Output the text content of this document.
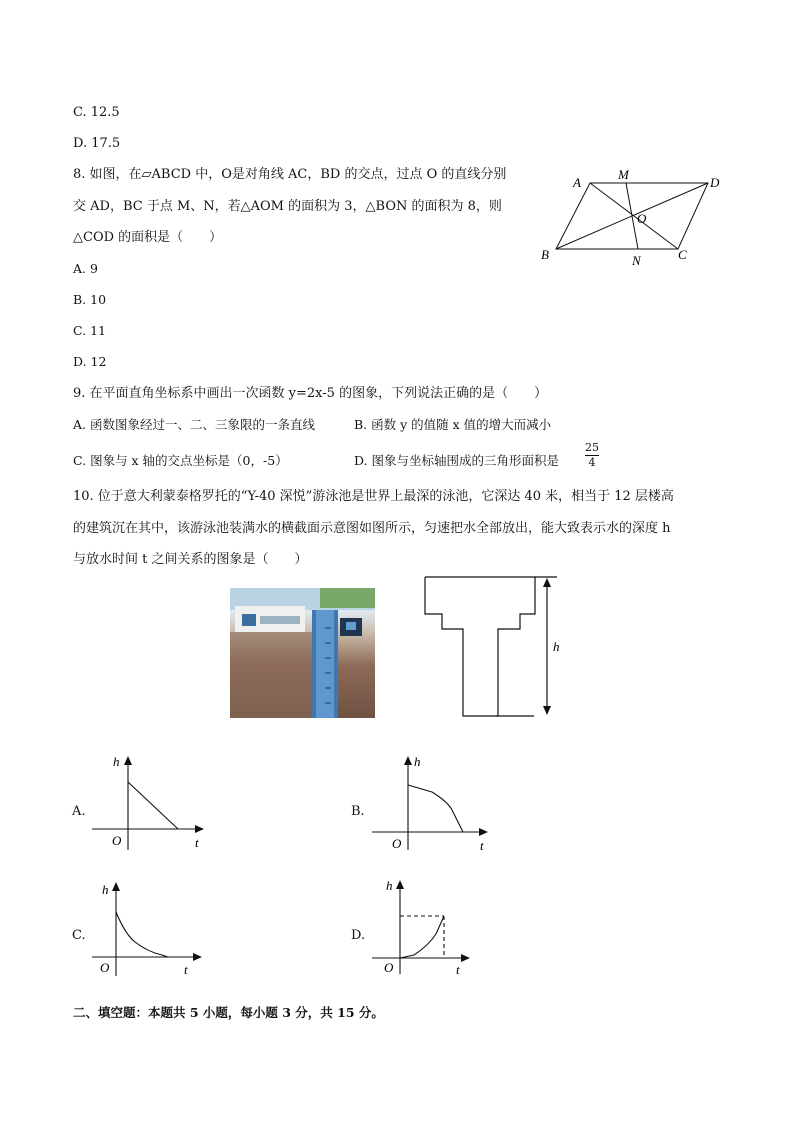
C. 12.5
D. 17.5
8. 如图，在▱ABCD 中，O是对角线 AC，BD 的交点，过点 O 的直线分别
交 AD，BC 于点 M、N，若△AOM 的面积为 3，△BON 的面积为 8，则
△COD 的面积是（　　）
A. 9
B. 10
C. 11
D. 12
A
M
D
O
B	N	C
9. 在平面直角坐标系中画出一次函数 y=2x-5 的图象，下列说法正确的是（　　）
A. 函数图象经过一、二、三象限的一条直线	B. 函数 y 的值随 x 值的增大而减小
C. 图象与 x 轴的交点坐标是（0，-5）	D. 图象与坐标轴围成的三角形面积是
25
4
10. 位于意大利蒙泰格罗托的“Y-40 深悦”游泳池是世界上最深的泳池，它深达 40 米，相当于 12 层楼高
的建筑沉在其中，该游泳池装满水的横截面示意图如图所示，匀速把水全部放出，能大致表示水的深度 h
与放水时间 t 之间关系的图象是（　　）
h
A.
h
O	t
B.
h
O	t
C.
h
O	t
D.
h
O	t
二、填空题：本题共 5 小题，每小题 3 分，共 15 分。
